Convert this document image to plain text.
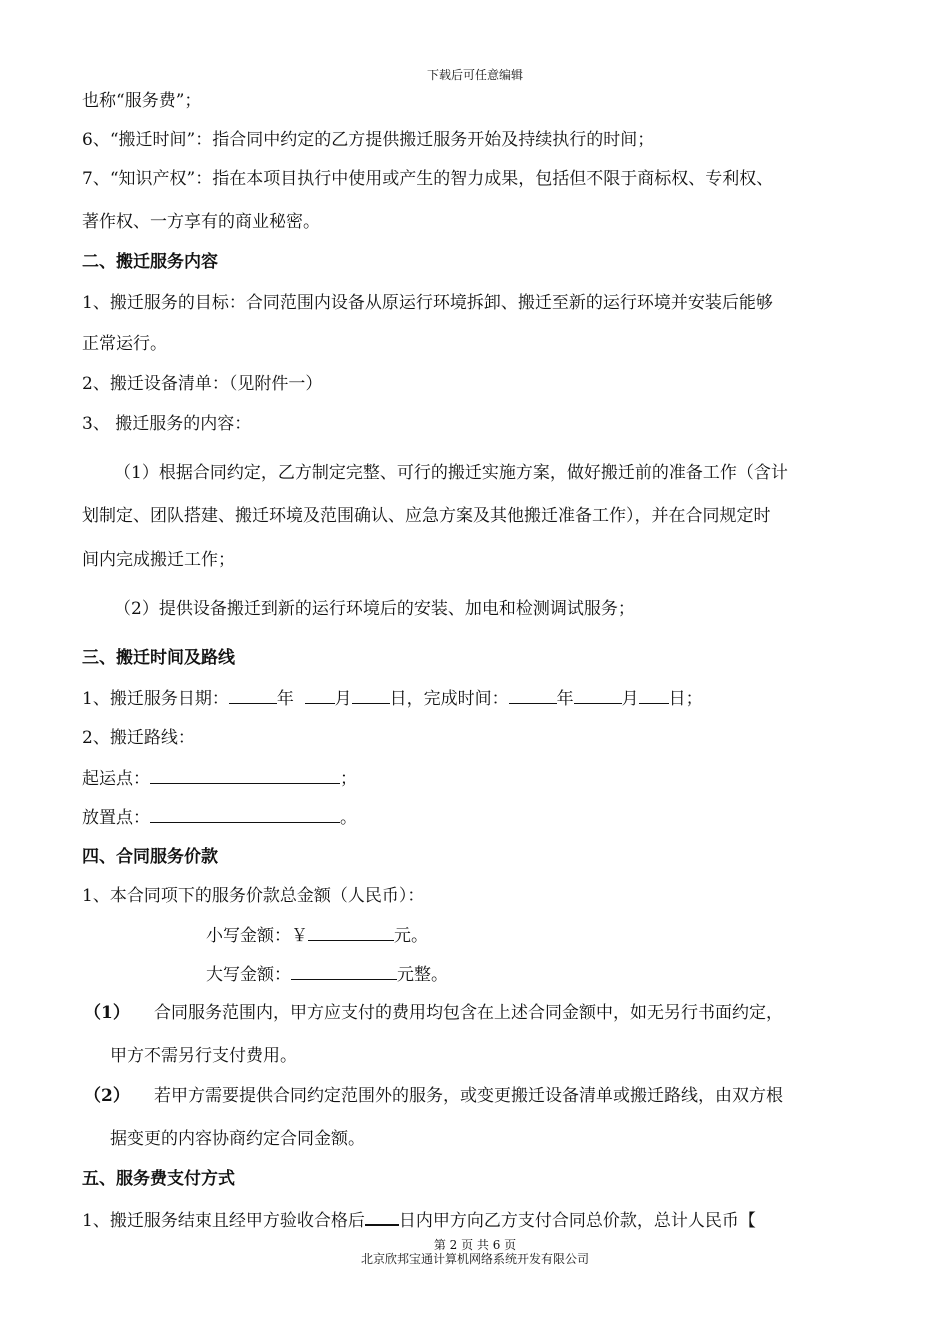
下载后可任意编辑
也称“服务费”；
6、“搬迁时间”：指合同中约定的乙方提供搬迁服务开始及持续执行的时间；
7、“知识产权”：指在本项目执行中使用或产生的智力成果，包括但不限于商标权、专利权、
著作权、一方享有的商业秘密。
二、搬迁服务内容
1、搬迁服务的目标：合同范围内设备从原运行环境拆卸、搬迁至新的运行环境并安装后能够
正常运行。
2、搬迁设备清单：（见附件一）
3、 搬迁服务的内容：
（1）根据合同约定，乙方制定完整、可行的搬迁实施方案，做好搬迁前的准备工作（含计
划制定、团队搭建、搬迁环境及范围确认、应急方案及其他搬迁准备工作），并在合同规定时
间内完成搬迁工作；
（2）提供设备搬迁到新的运行环境后的安装、加电和检测调试服务；
三、搬迁时间及路线
1、搬迁服务日期：	年 月 日，完成时间：	年	月 日；
2、搬迁路线：
起运点：	；
放置点：	。
四、合同服务价款
1、本合同项下的服务价款总金额（人民币）：
小写金额：￥	元。
大写金额：	元整。
（1） 合同服务范围内，甲方应支付的费用均包含在上述合同金额中，如无另行书面约定，
甲方不需另行支付费用。
（2） 若甲方需要提供合同约定范围外的服务，或变更搬迁设备清单或搬迁路线，由双方根
据变更的内容协商约定合同金额。
五、服务费支付方式
1、搬迁服务结束且经甲方验收合格后 日内甲方向乙方支付合同总价款，总计人民币【
第 2 页 共 6 页
北京欣邦宝通计算机网络系统开发有限公司
